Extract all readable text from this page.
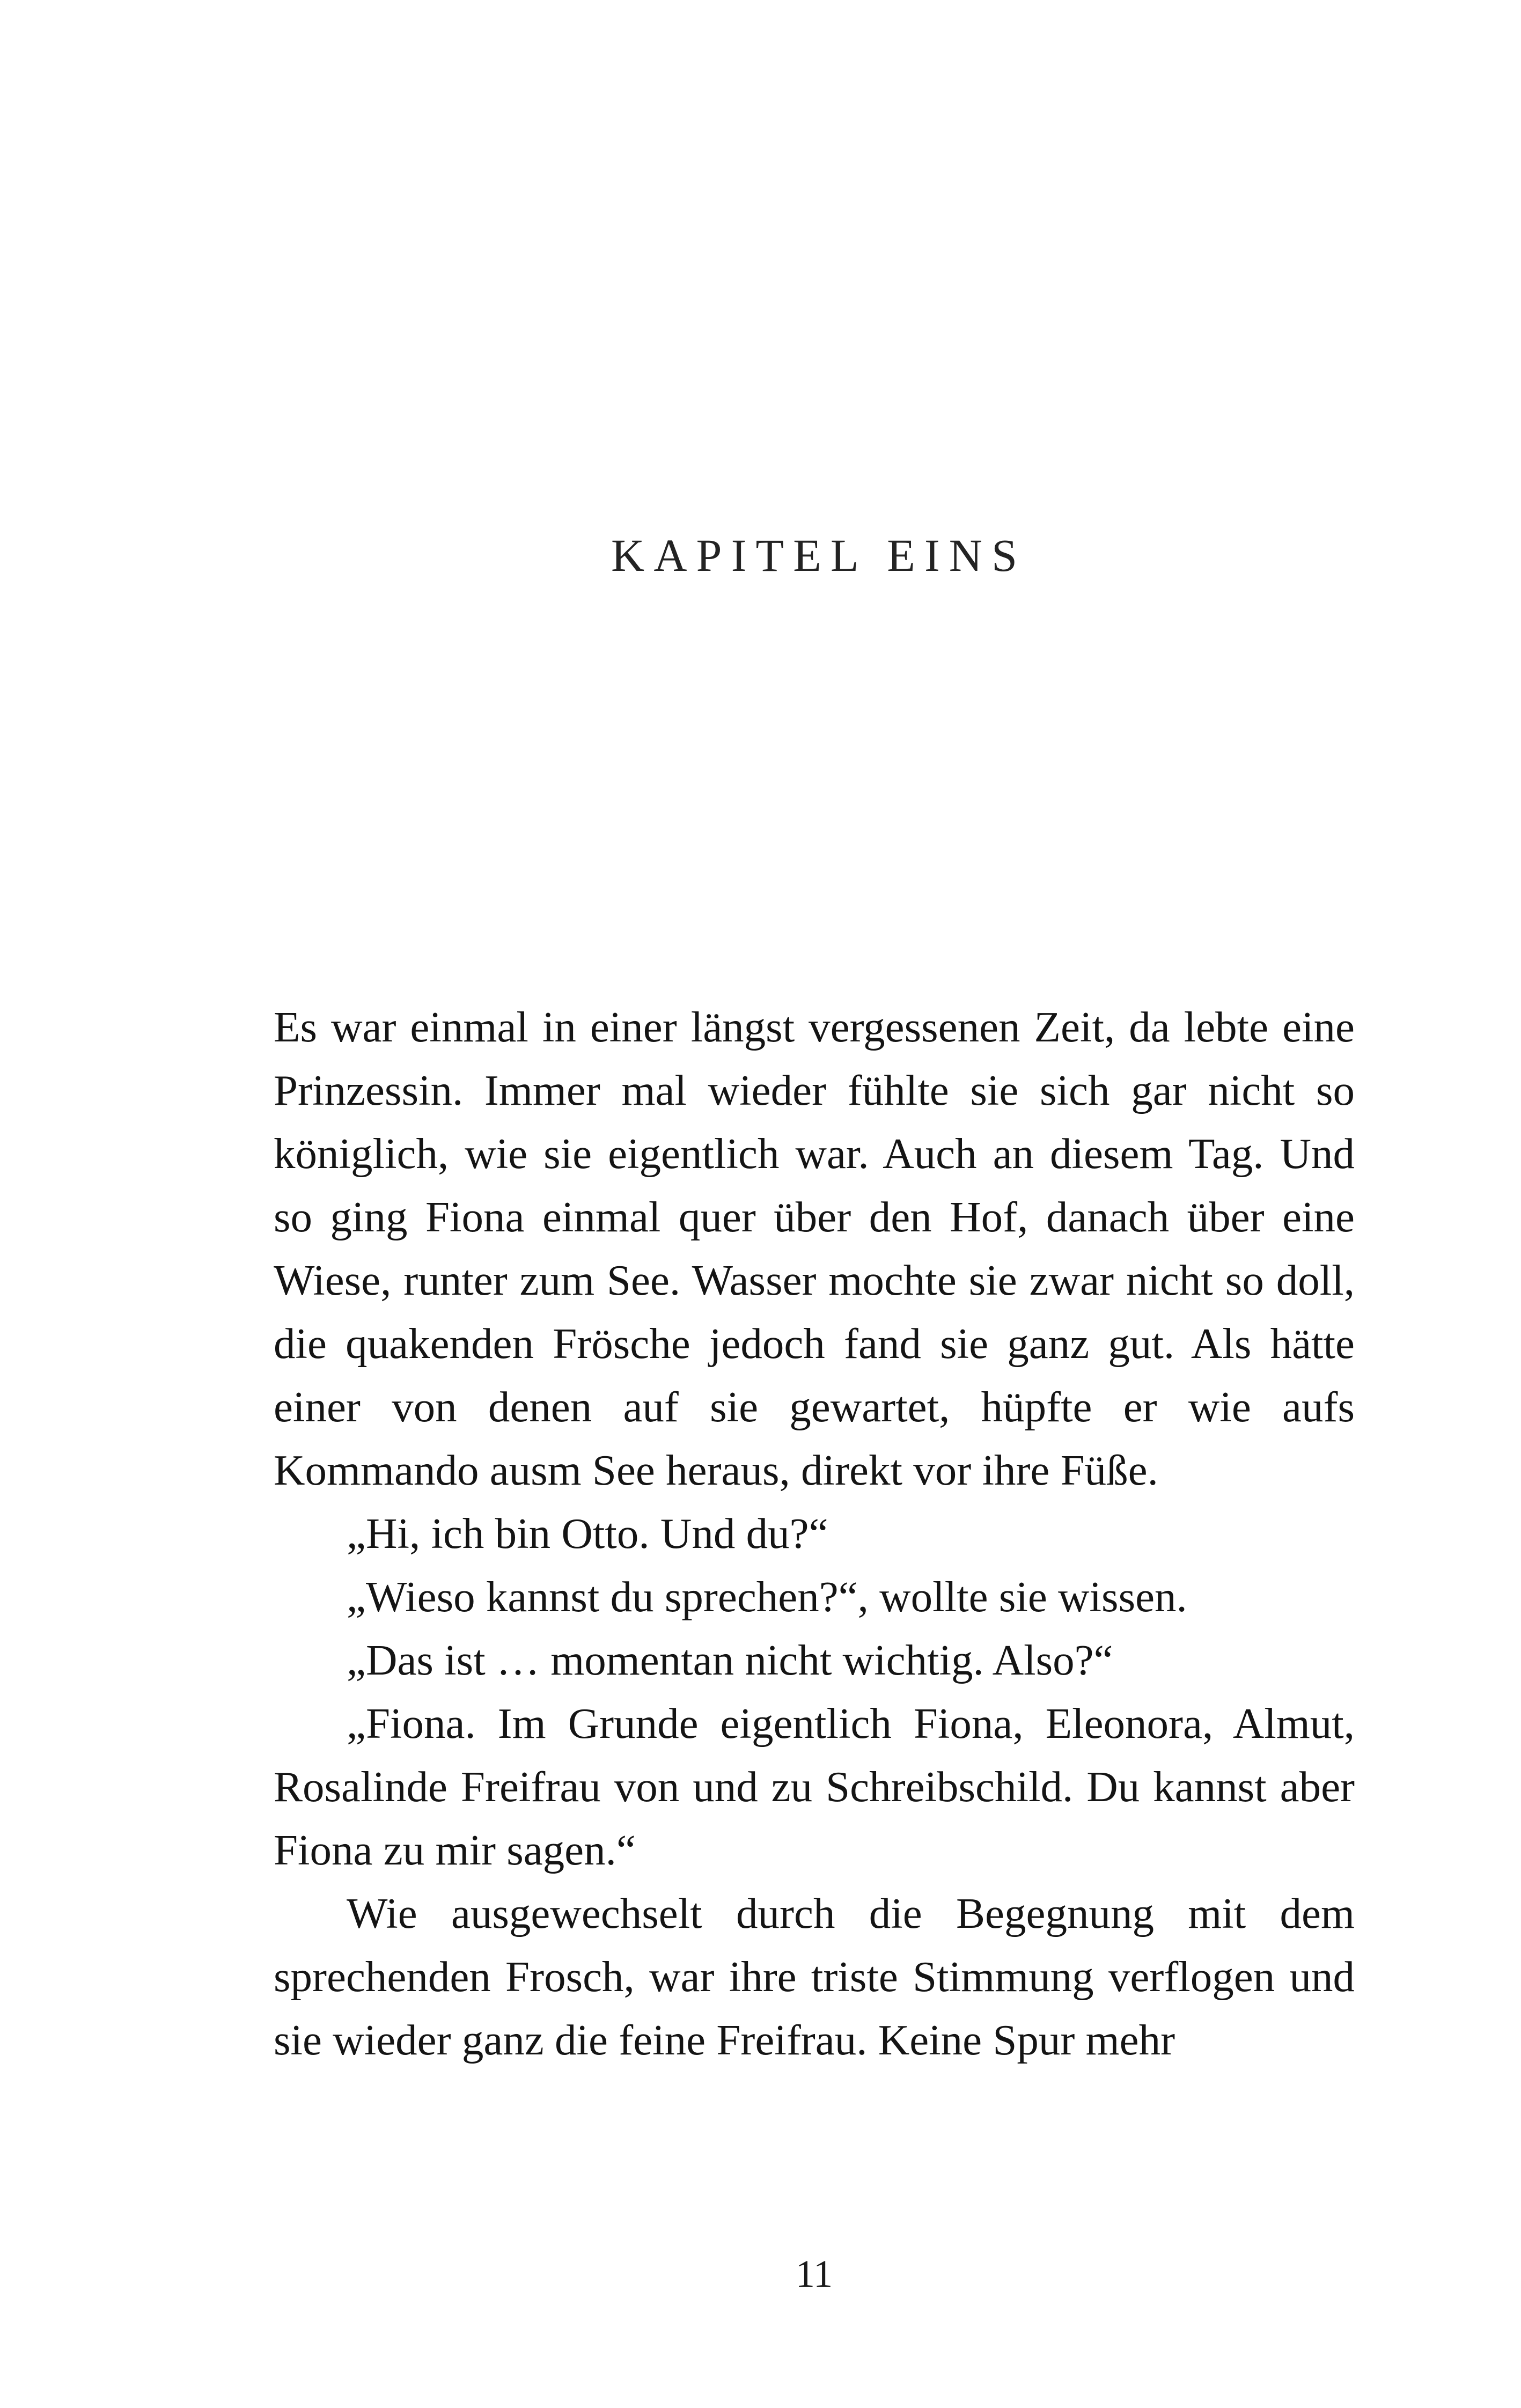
KAPITEL EINS

Es war einmal in einer längst vergessenen Zeit, da lebte eine Prinzessin. Immer mal wieder fühlte sie sich gar nicht so königlich, wie sie eigentlich war. Auch an diesem Tag. Und so ging Fiona einmal quer über den Hof, danach über eine Wiese, runter zum See. Wasser mochte sie zwar nicht so doll, die quakenden Frösche jedoch fand sie ganz gut. Als hätte einer von denen auf sie gewartet, hüpfte er wie aufs Kommando ausm See heraus, direkt vor ihre Füße.

„Hi, ich bin Otto. Und du?“

„Wieso kannst du sprechen?“, wollte sie wissen.

„Das ist … momentan nicht wichtig. Also?“

„Fiona. Im Grunde eigentlich Fiona, Eleonora, Almut, Rosalinde Freifrau von und zu Schreibschild. Du kannst aber Fiona zu mir sagen.“

Wie ausgewechselt durch die Begegnung mit dem sprechenden Frosch, war ihre triste Stimmung verflogen und sie wieder ganz die feine Freifrau. Keine Spur mehr

11
